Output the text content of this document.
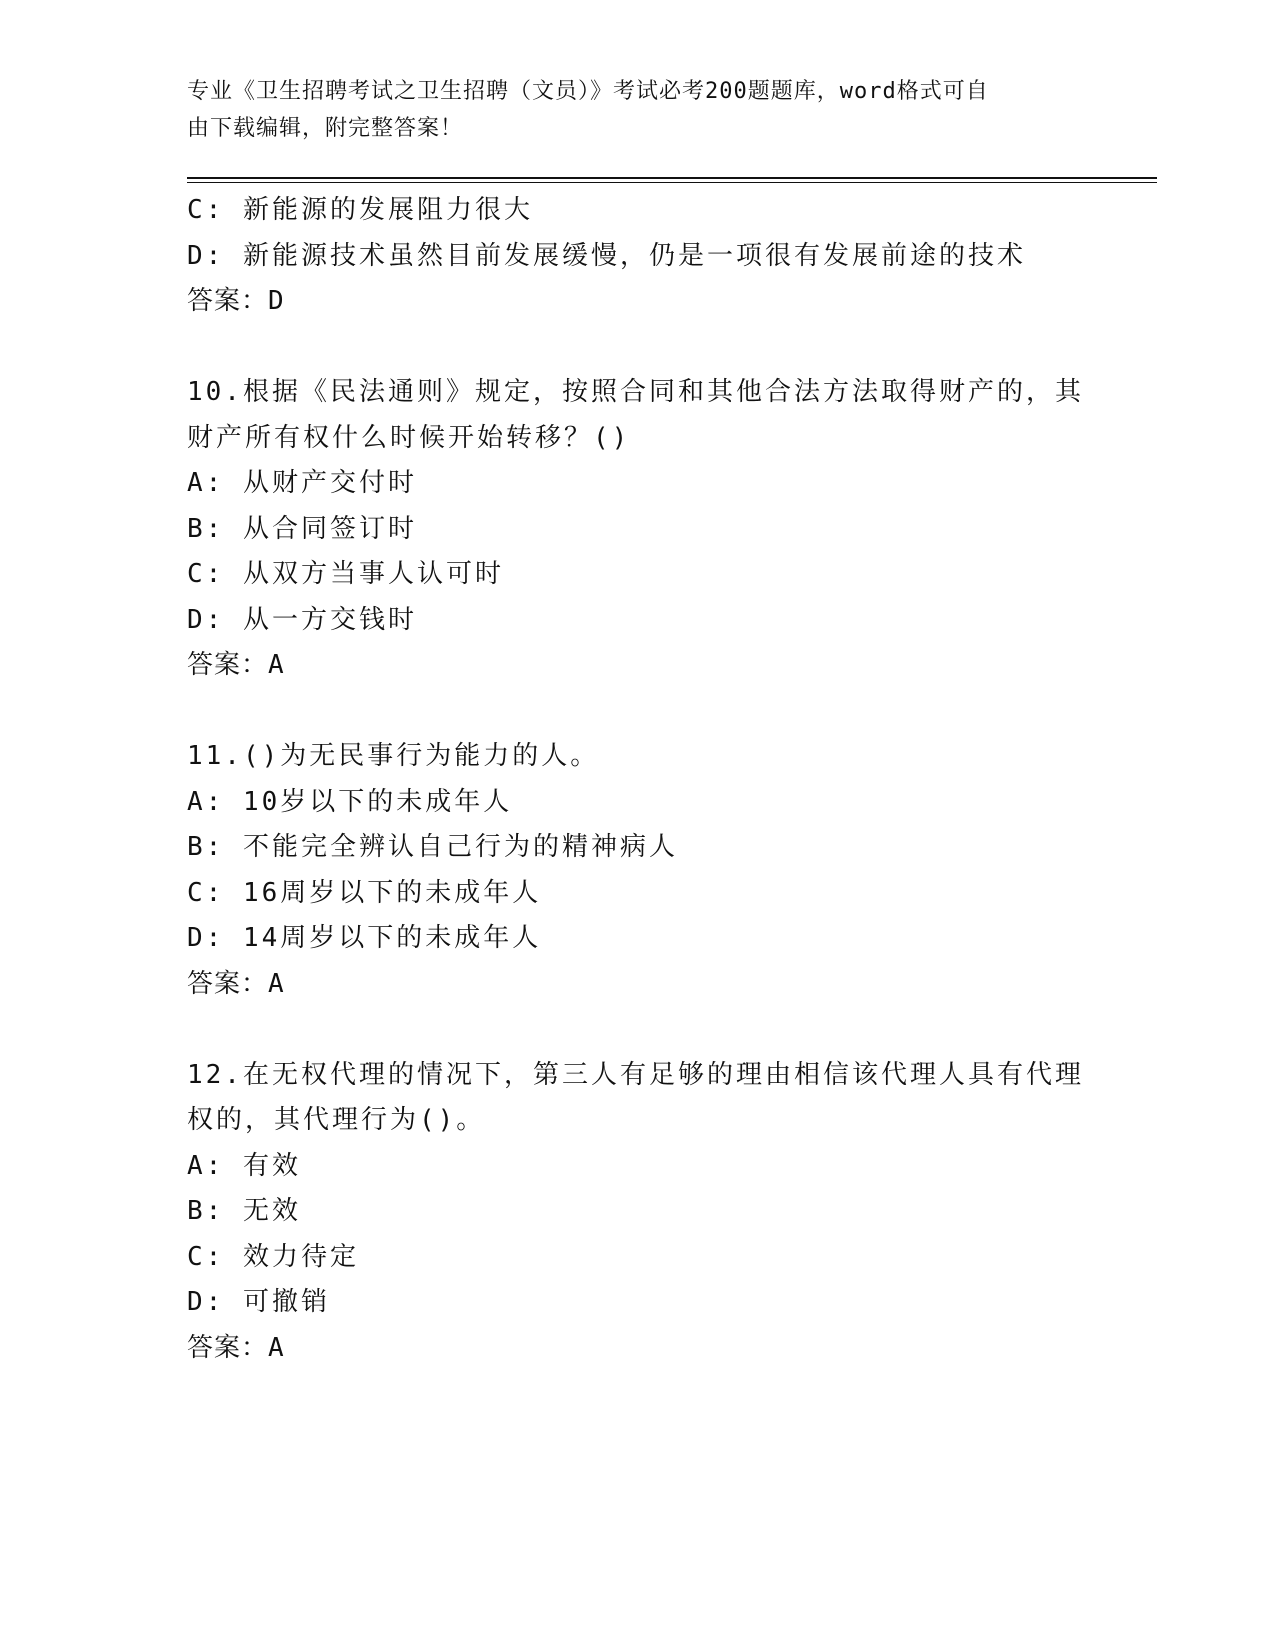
专业《卫生招聘考试之卫生招聘（文员）》考试必考200题题库，word格式可自
由下载编辑，附完整答案！
C: 新能源的发展阻力很大
D: 新能源技术虽然目前发展缓慢，仍是一项很有发展前途的技术
答案：D
10.根据《民法通则》规定，按照合同和其他合法方法取得财产的，其
财产所有权什么时候开始转移？()
A: 从财产交付时
B: 从合同签订时
C: 从双方当事人认可时
D: 从一方交钱时
答案：A
11.()为无民事行为能力的人。
A: 10岁以下的未成年人
B: 不能完全辨认自己行为的精神病人
C: 16周岁以下的未成年人
D: 14周岁以下的未成年人
答案：A
12.在无权代理的情况下，第三人有足够的理由相信该代理人具有代理
权的，其代理行为()。
A: 有效
B: 无效
C: 效力待定
D: 可撤销
答案：A
